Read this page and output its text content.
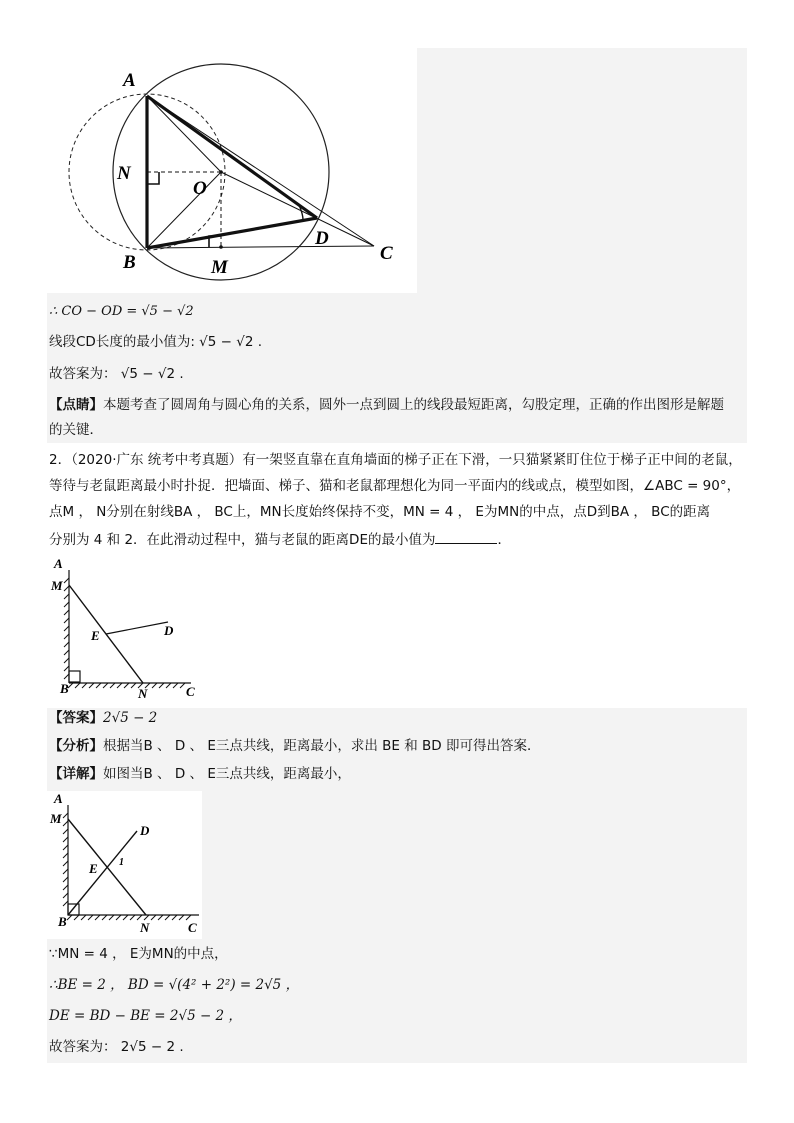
A
N
O
D
C
B	M
∴ CO − OD = √5 − √2
线段CD长度的最小值为: √5 − √2 .
故答案为： √5 − √2 .
【点睛】本题考查了圆周角与圆心角的关系，圆外一点到圆上的线段最短距离，勾股定理，正确的作出图形是解题
的关键．
2．（2020·广东 统考中考真题）有一架竖直靠在直角墙面的梯子正在下滑，一只猫紧紧盯住位于梯子正中间的老鼠，
等待与老鼠距离最小时扑捉．把墙面、梯子、猫和老鼠都理想化为同一平面内的线或点，模型如图，∠ABC = 90°，
点M ， N分别在射线BA ， BC上，MN长度始终保持不变，MN = 4 ， E为MN的中点，点D到BA ， BC的距离
分别为 4 和 2．在此滑动过程中，猫与老鼠的距离DE的最小值为	．
A
M
E	D
B	N	C
【答案】2√5 − 2
【分析】根据当B 、 D 、 E三点共线，距离最小，求出 BE 和 BD 即可得出答案．
【详解】如图当B 、 D 、 E三点共线，距离最小，
A
M
D
E 1
B	N	C
∵MN = 4 ， E为MN的中点，
∴BE = 2 ， BD = √(4² + 2²) = 2√5 ，
DE = BD − BE = 2√5 − 2 ，
故答案为： 2√5 − 2 .
